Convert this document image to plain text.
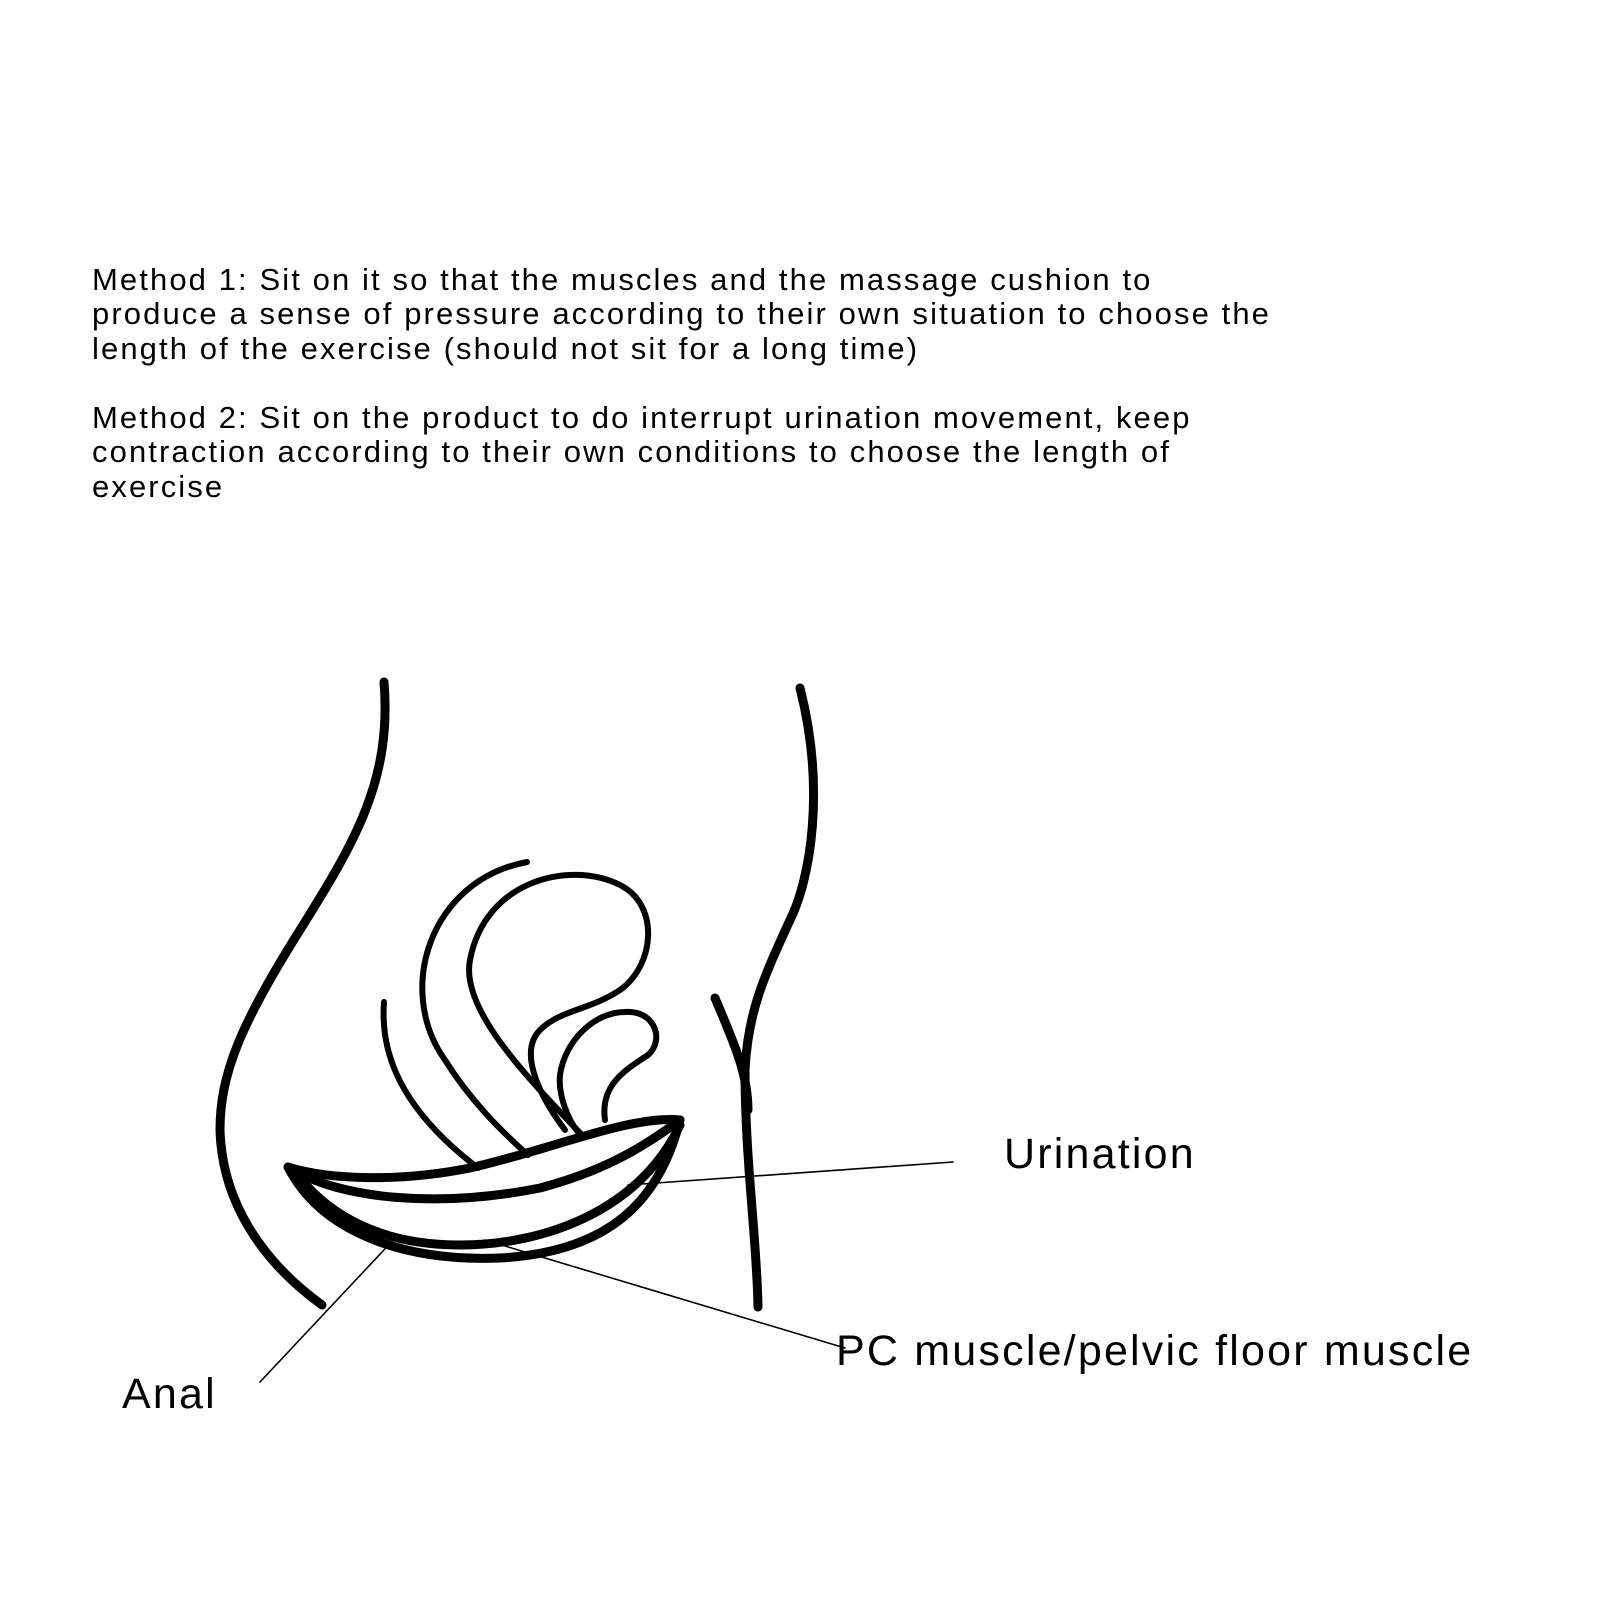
Method 1: Sit on it so that the muscles and the massage cushion to
produce a sense of pressure according to their own situation to choose the
length of the exercise (should not sit for a long time)

Method 2: Sit on the product to do interrupt urination movement, keep
contraction according to their own conditions to choose the length of
exercise

Urination
PC muscle/pelvic floor muscle
Anal
